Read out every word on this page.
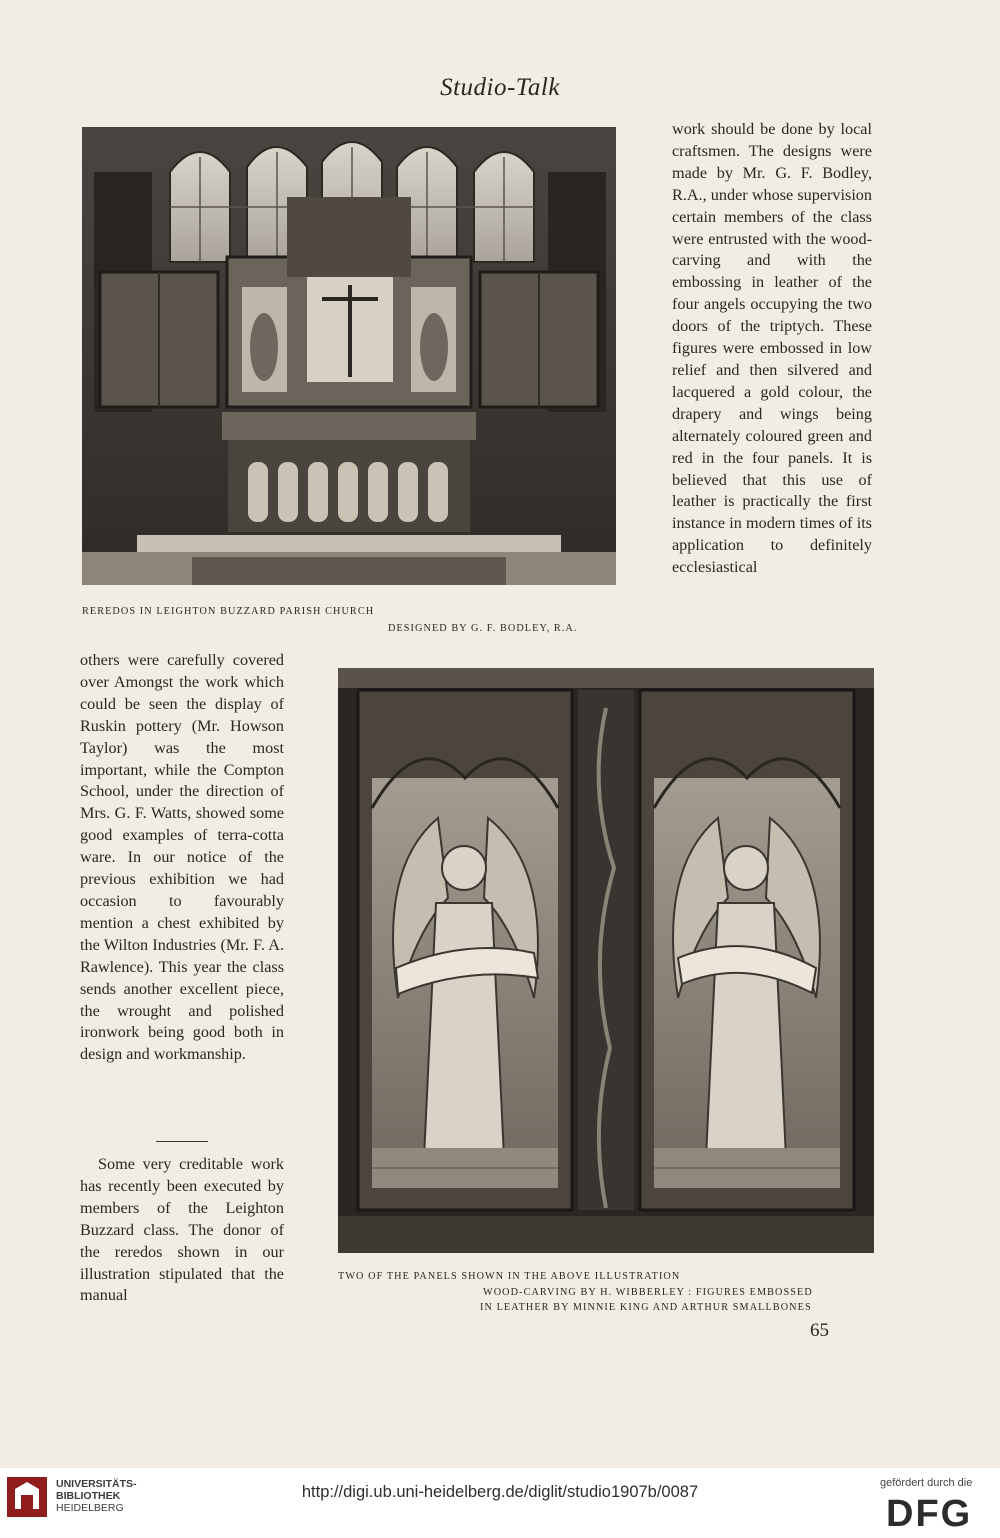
Studio-Talk
REREDOS IN LEIGHTON BUZZARD PARISH CHURCH
DESIGNED BY G. F. BODLEY, R.A.

work should be done by local craftsmen. The designs were made by Mr. G. F. Bodley, R.A., under whose supervision certain members of the class were entrusted with the wood-carving and with the embossing in leather of the four angels occupying the two doors of the triptych. These figures were embossed in low relief and then silvered and lacquered a gold colour, the drapery and wings being alternately coloured green and red in the four panels. It is believed that this use of leather is practically the first instance in modern times of its application to definitely ecclesiastical

others were carefully covered over Amongst the work which could be seen the display of Ruskin pottery (Mr. Howson Taylor) was the most important, while the Compton School, under the direction of Mrs. G. F. Watts, showed some good examples of terra-cotta ware. In our notice of the previous exhibition we had occasion to favourably mention a chest exhibited by the Wilton Industries (Mr. F. A. Rawlence). This year the class sends another excellent piece, the wrought and polished ironwork being good both in design and workmanship.

Some very creditable work has recently been executed by members of the Leighton Buzzard class. The donor of the reredos shown in our illustration stipulated that the manual

TWO OF THE PANELS SHOWN IN THE ABOVE ILLUSTRATION
WOOD-CARVING BY H. WIBBERLEY : FIGURES EMBOSSED
IN LEATHER BY MINNIE KING AND ARTHUR SMALLBONES
65
UNIVERSITÄTS-
BIBLIOTHEK
HEIDELBERG
http://digi.ub.uni-heidelberg.de/diglit/studio1907b/0087	gefördert durch die
DFG
